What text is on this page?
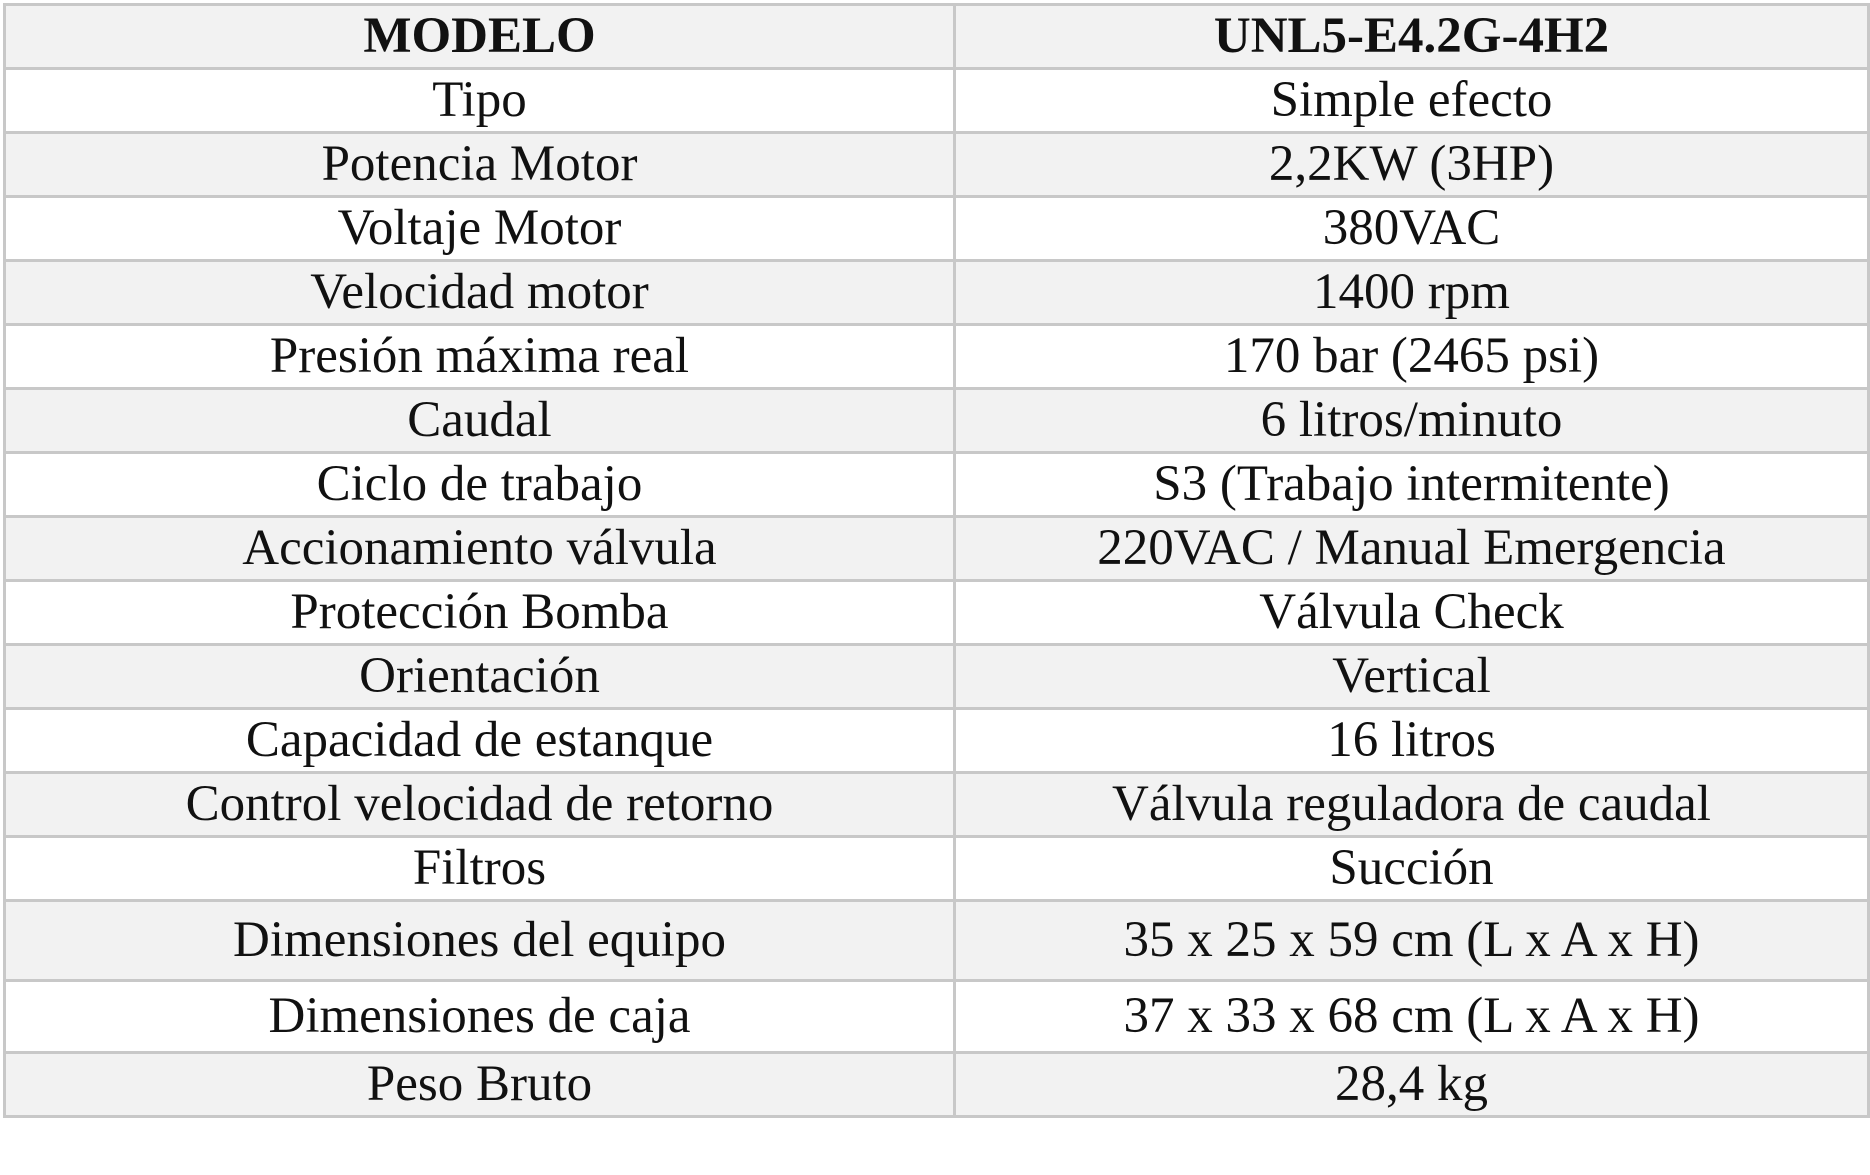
MODELO	UNL5-E4.2G-4H2
Tipo	Simple efecto
Potencia Motor	2,2KW (3HP)
Voltaje Motor	380VAC
Velocidad motor	1400 rpm
Presión máxima real	170 bar (2465 psi)
Caudal	6 litros/minuto
Ciclo de trabajo	S3 (Trabajo intermitente)
Accionamiento válvula	220VAC / Manual Emergencia
Protección Bomba	Válvula Check
Orientación	Vertical
Capacidad de estanque	16 litros
Control velocidad de retorno	Válvula reguladora de caudal
Filtros	Succión
Dimensiones del equipo	35 x 25 x 59 cm (L x A x H)
Dimensiones de caja	37 x 33 x 68 cm (L x A x H)
Peso Bruto	28,4 kg
